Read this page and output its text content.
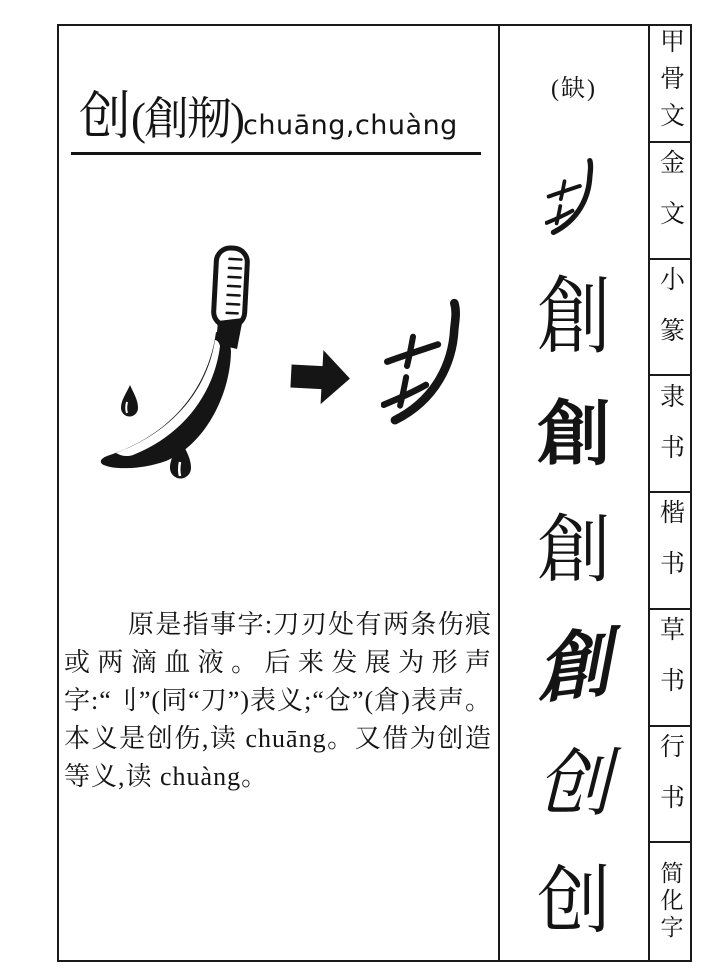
创(創剏)chuāng,chuàng

原是指事字:刀刃处有两条伤痕或两滴血液。后来发展为形声字:“刂”(同“刀”)表义;“仓”(倉)表声。本义是创伤,读 chuāng。又借为创造等义,读 chuàng。

(缺)
創
創
創
創
创
创
甲骨文
金文
小篆
隶书
楷书
草书
行书
简化字
